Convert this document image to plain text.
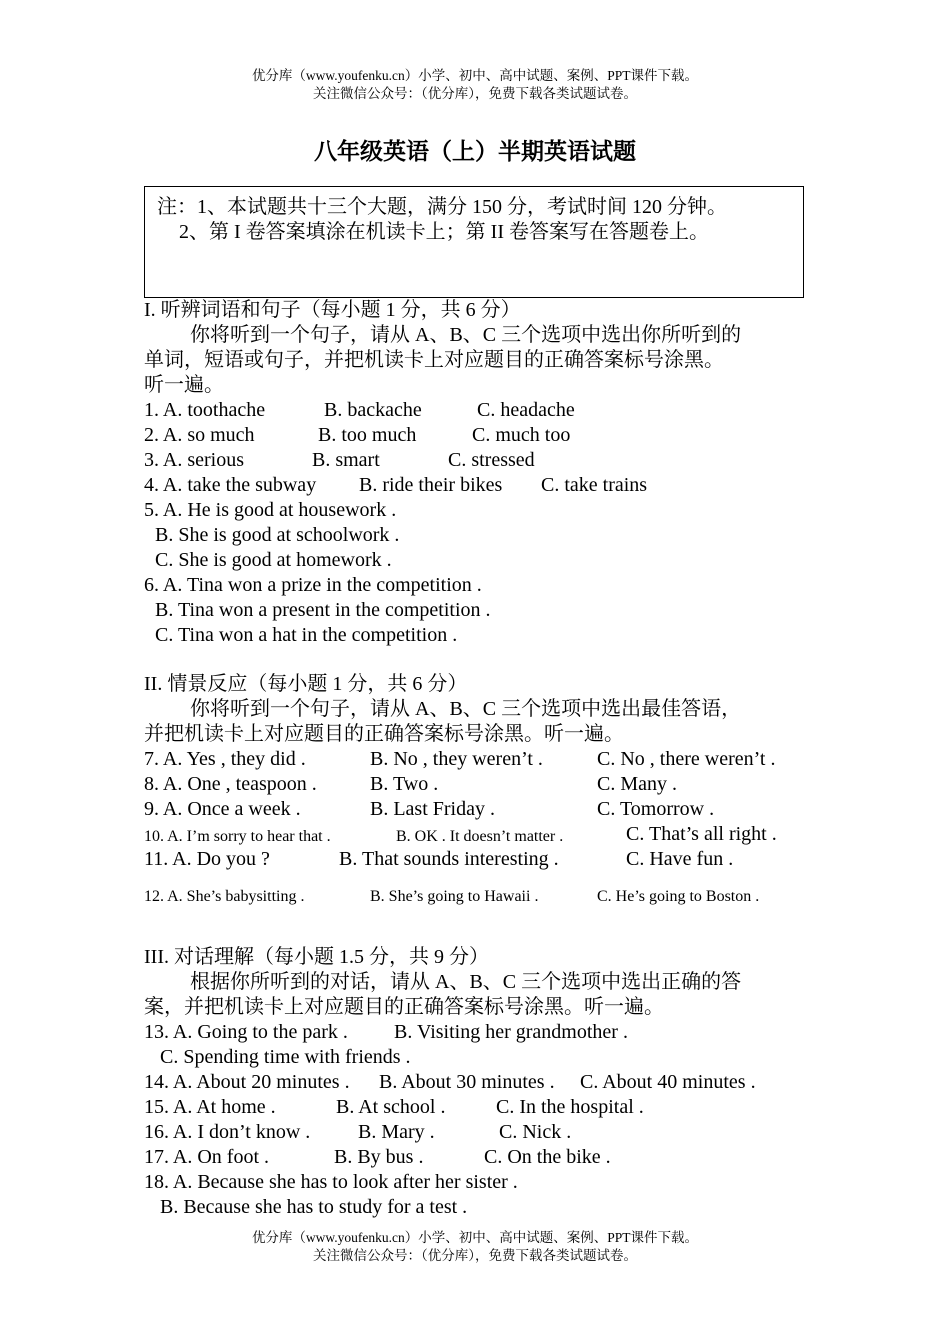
优分库（www.youfenku.cn）小学、初中、高中试题、案例、PPT课件下载。
关注微信公众号：（优分库），免费下载各类试题试卷。
八年级英语（上）半期英语试题
注：1、本试题共十三个大题，满分 150 分，考试时间 120 分钟。
2、第 I 卷答案填涂在机读卡上；第 II 卷答案写在答题卷上。
I. 听辨词语和句子（每小题 1 分，共 6 分）
你将听到一个句子，请从 A、B、C 三个选项中选出你所听到的
单词，短语或句子，并把机读卡上对应题目的正确答案标号涂黑。
听一遍。
1. A. toothache	B. backache	C. headache
2. A. so much	B. too much	C. much too
3. A. serious	B. smart	C. stressed
4. A. take the subway B. ride their bikes C. take trains
5. A. He is good at housework .
B. She is good at schoolwork .
C. She is good at homework .
6. A. Tina won a prize in the competition .
B. Tina won a present in the competition .
C. Tina won a hat in the competition .
II. 情景反应（每小题 1 分，共 6 分）
你将听到一个句子，请从 A、B、C 三个选项中选出最佳答语，
并把机读卡上对应题目的正确答案标号涂黑。听一遍。
7. A. Yes , they did .	B. No , they weren’t .	C. No , there weren’t .
8. A. One , teaspoon .	B. Two .	C. Many .
9. A. Once a week .	B. Last Friday .	C. Tomorrow .
10. A. I’m sorry to hear that .	B. OK . It doesn’t matter .	C. That’s all right .
11. A. Do you ?	B. That sounds interesting .	C. Have fun .
12. A. She’s babysitting .	B. She’s going to Hawaii .	C. He’s going to Boston .
III. 对话理解（每小题 1.5 分，共 9 分）
根据你所听到的对话，请从 A、B、C 三个选项中选出正确的答
案，并把机读卡上对应题目的正确答案标号涂黑。听一遍。
13. A. Going to the park . B. Visiting her grandmother .
C. Spending time with friends .
14. A. About 20 minutes . B. About 30 minutes . C. About 40 minutes .
15. A. At home .	B. At school .	C. In the hospital .
16. A. I don’t know . B. Mary .	C. Nick .
17. A. On foot .	B. By bus .	C. On the bike .
18. A. Because she has to look after her sister .
B. Because she has to study for a test .
优分库（www.youfenku.cn）小学、初中、高中试题、案例、PPT课件下载。
关注微信公众号：（优分库），免费下载各类试题试卷。
